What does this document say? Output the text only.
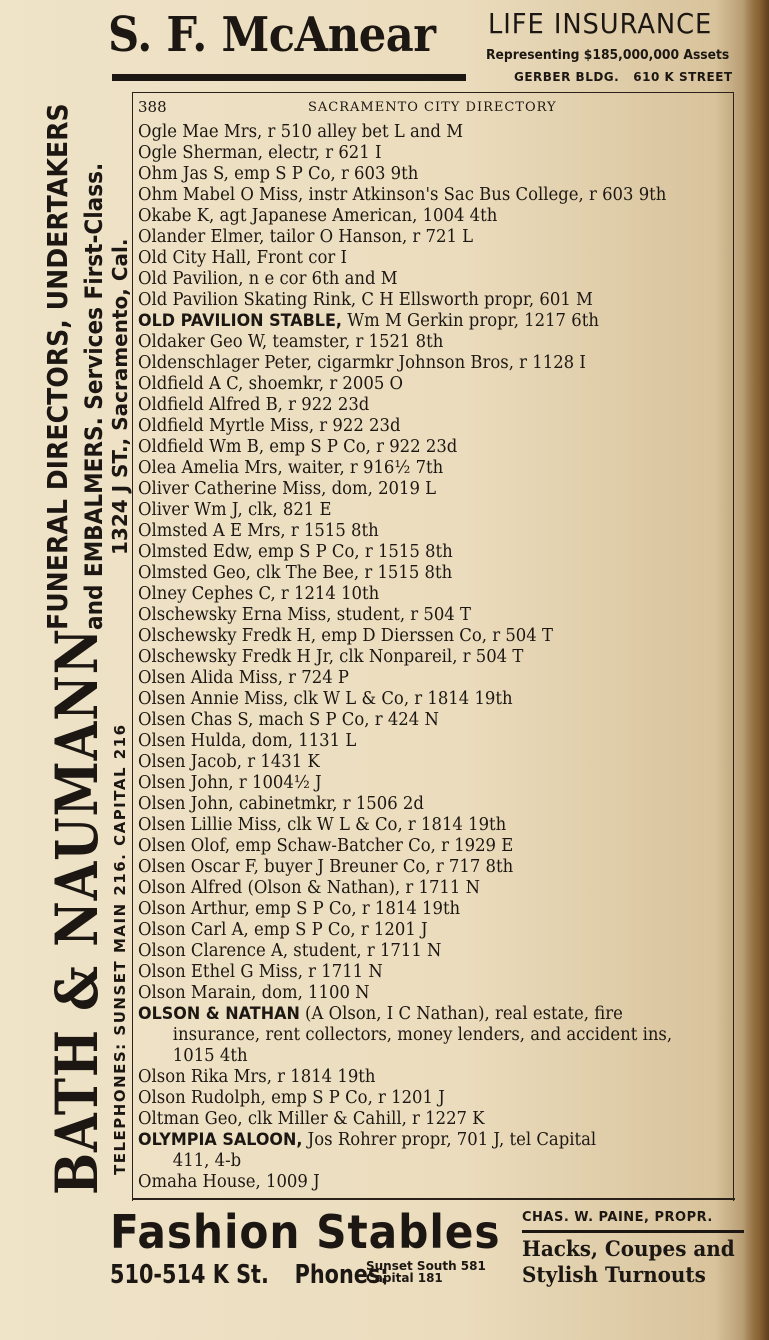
S. F. McAnear LIFE INSURANCE
Representing $185,000,000 Assets
GERBER BLDG.   610 K STREET
BATH & NAUMANN
FUNERAL DIRECTORS, UNDERTAKERS and EMBALMERS. Services First-Class.
TELEPHONES: SUNSET MAIN 216. CAPITAL 216
1324 J ST., Sacramento, Cal.
388	SACRAMENTO CITY DIRECTORY
Ogle Mae Mrs, r 510 alley bet L and M
Ogle Sherman, electr, r 621 I
Ohm Jas S, emp S P Co, r 603 9th
Ohm Mabel O Miss, instr Atkinson's Sac Bus College, r 603 9th
Okabe K, agt Japanese American, 1004 4th
Olander Elmer, tailor O Hanson, r 721 L
Old City Hall, Front cor I
Old Pavilion, n e cor 6th and M
Old Pavilion Skating Rink, C H Ellsworth propr, 601 M
OLD PAVILION STABLE, Wm M Gerkin propr, 1217 6th
Oldaker Geo W, teamster, r 1521 8th
Oldenschlager Peter, cigarmkr Johnson Bros, r 1128 I
Oldfield A C, shoemkr, r 2005 O
Oldfield Alfred B, r 922 23d
Oldfield Myrtle Miss, r 922 23d
Oldfield Wm B, emp S P Co, r 922 23d
Olea Amelia Mrs, waiter, r 916½ 7th
Oliver Catherine Miss, dom, 2019 L
Oliver Wm J, clk, 821 E
Olmsted A E Mrs, r 1515 8th
Olmsted Edw, emp S P Co, r 1515 8th
Olmsted Geo, clk The Bee, r 1515 8th
Olney Cephes C, r 1214 10th
Olschewsky Erna Miss, student, r 504 T
Olschewsky Fredk H, emp D Dierssen Co, r 504 T
Olschewsky Fredk H Jr, clk Nonpareil, r 504 T
Olsen Alida Miss, r 724 P
Olsen Annie Miss, clk W L & Co, r 1814 19th
Olsen Chas S, mach S P Co, r 424 N
Olsen Hulda, dom, 1131 L
Olsen Jacob, r 1431 K
Olsen John, r 1004½ J
Olsen John, cabinetmkr, r 1506 2d
Olsen Lillie Miss, clk W L & Co, r 1814 19th
Olsen Olof, emp Schaw-Batcher Co, r 1929 E
Olsen Oscar F, buyer J Breuner Co, r 717 8th
Olson Alfred (Olson & Nathan), r 1711 N
Olson Arthur, emp S P Co, r 1814 19th
Olson Carl A, emp S P Co, r 1201 J
Olson Clarence A, student, r 1711 N
Olson Ethel G Miss, r 1711 N
Olson Marain, dom, 1100 N
OLSON & NATHAN (A Olson, I C Nathan), real estate, fire
insurance, rent collectors, money lenders, and accident ins,
1015 4th
Olson Rika Mrs, r 1814 19th
Olson Rudolph, emp S P Co, r 1201 J
Oltman Geo, clk Miller & Cahill, r 1227 K
OLYMPIA SALOON, Jos Rohrer propr, 701 J, tel Capital
411, 4-b
Omaha House, 1009 J
Fashion Stables
510-514 K St. Phones:
Sunset South 581
Capital 181
CHAS. W. PAINE, PROPR.
Hacks, Coupes and
Stylish Turnouts
